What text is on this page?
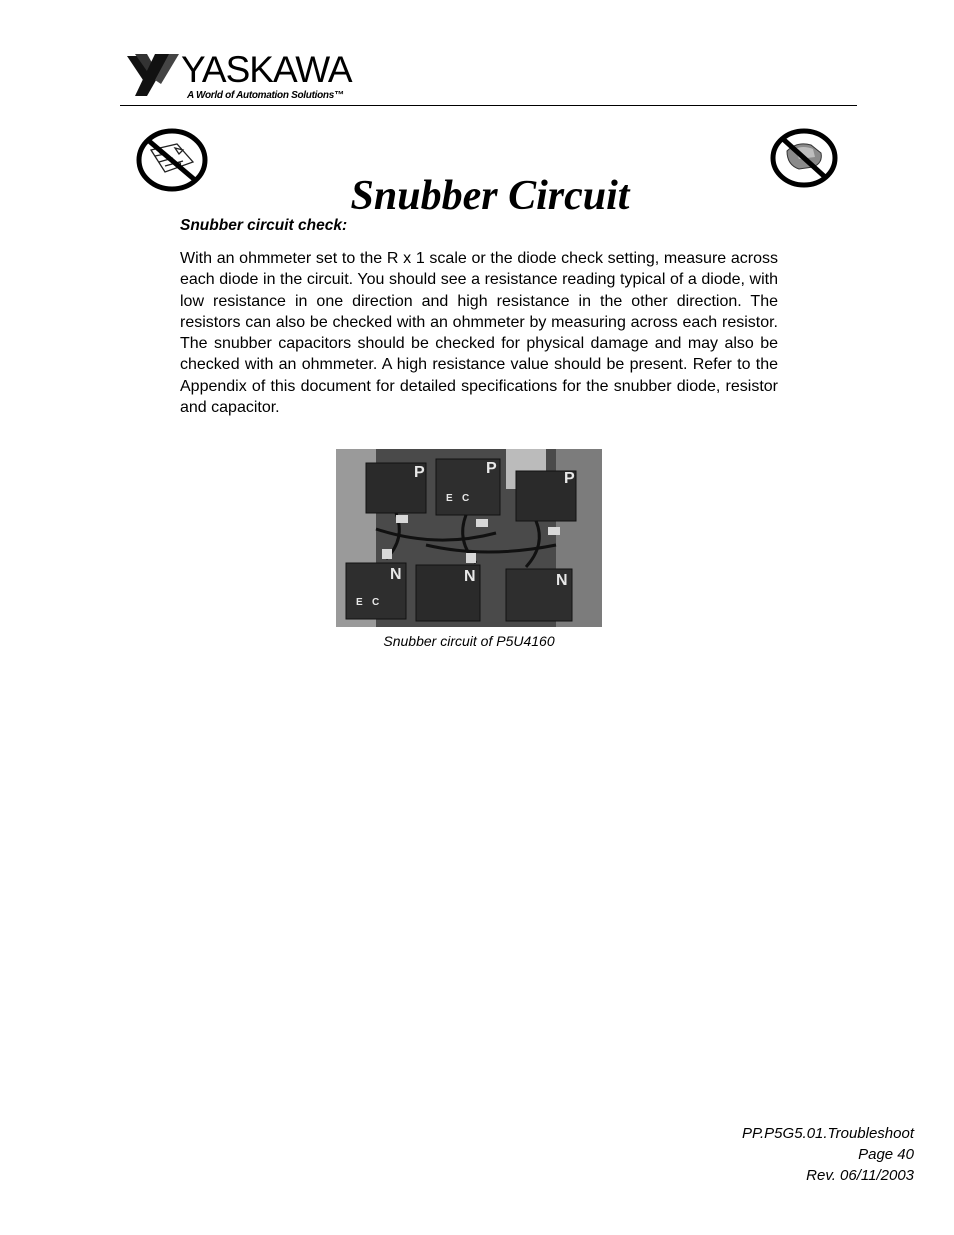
YASKAWA
A World of Automation Solutions™
Snubber Circuit
Snubber circuit check:

With an ohmmeter set to the R x 1 scale or the diode check setting, measure across each diode in the circuit. You should see a resistance reading typical of a diode, with low resistance in one direction and high resistance in the other direction. The resistors can also be checked with an ohmmeter by measuring across each resistor. The snubber capacitors should be checked for physical damage and may also be checked with an ohmmeter. A high resistance value should be present. Refer to the Appendix of this document for detailed specifications for the snubber diode, resistor and capacitor.

P	P
P
N	N	N
E C
E C
Snubber circuit of P5U4160
PP.P5G5.01.Troubleshoot
Page 40
Rev. 06/11/2003
